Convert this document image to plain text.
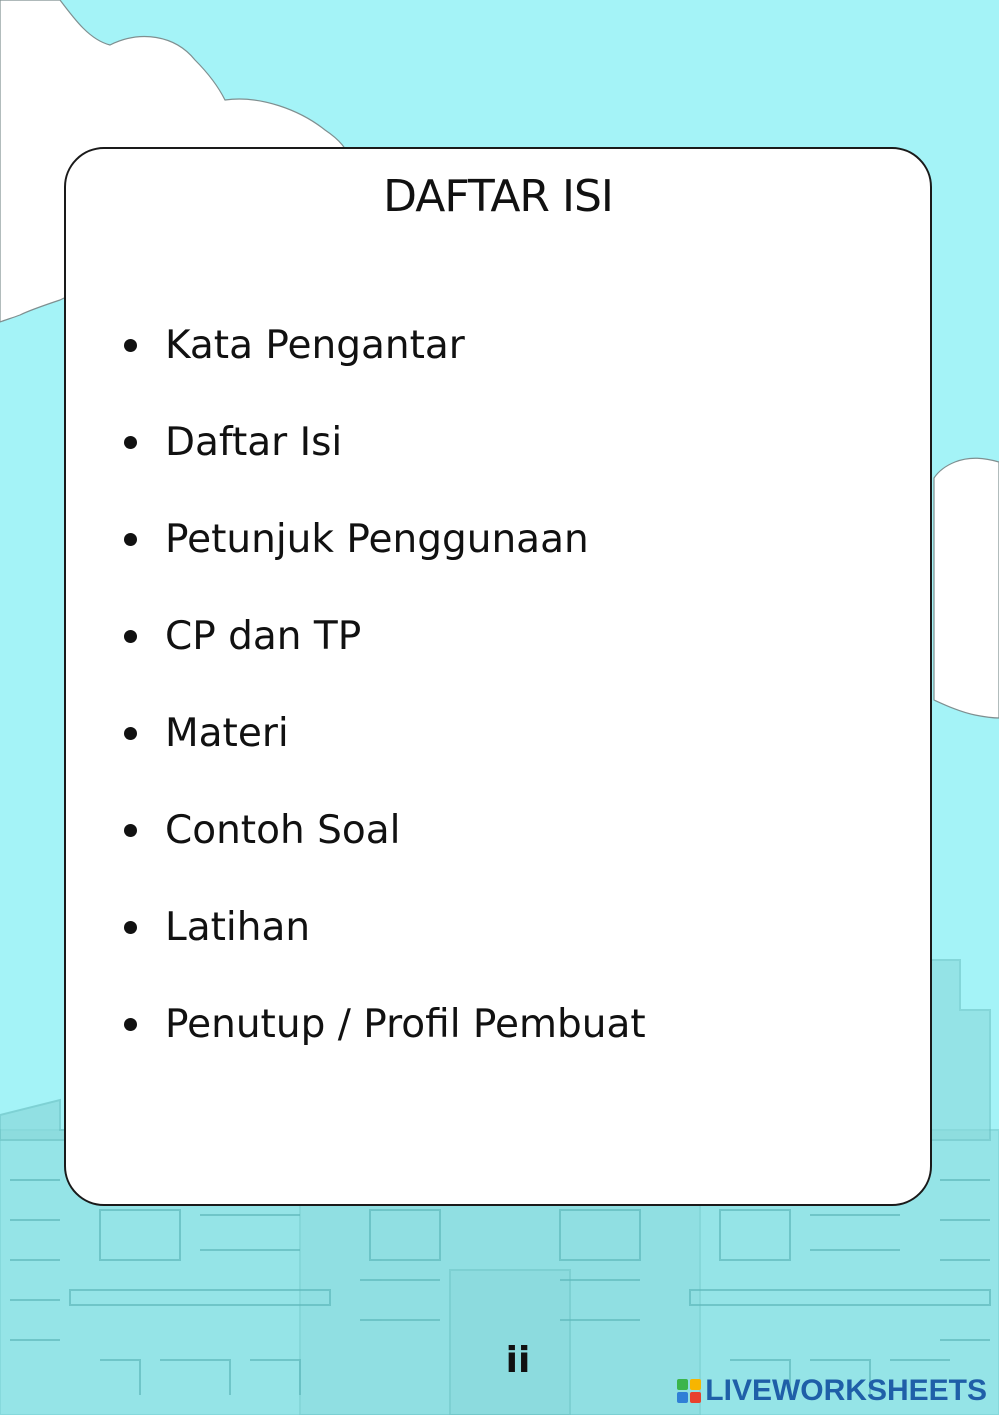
DAFTAR ISI
Kata Pengantar
Daftar Isi
Petunjuk Penggunaan
CP dan TP
Materi
Contoh Soal
Latihan
Penutup / Profil Pembuat
ii
LIVEWORKSHEETS
